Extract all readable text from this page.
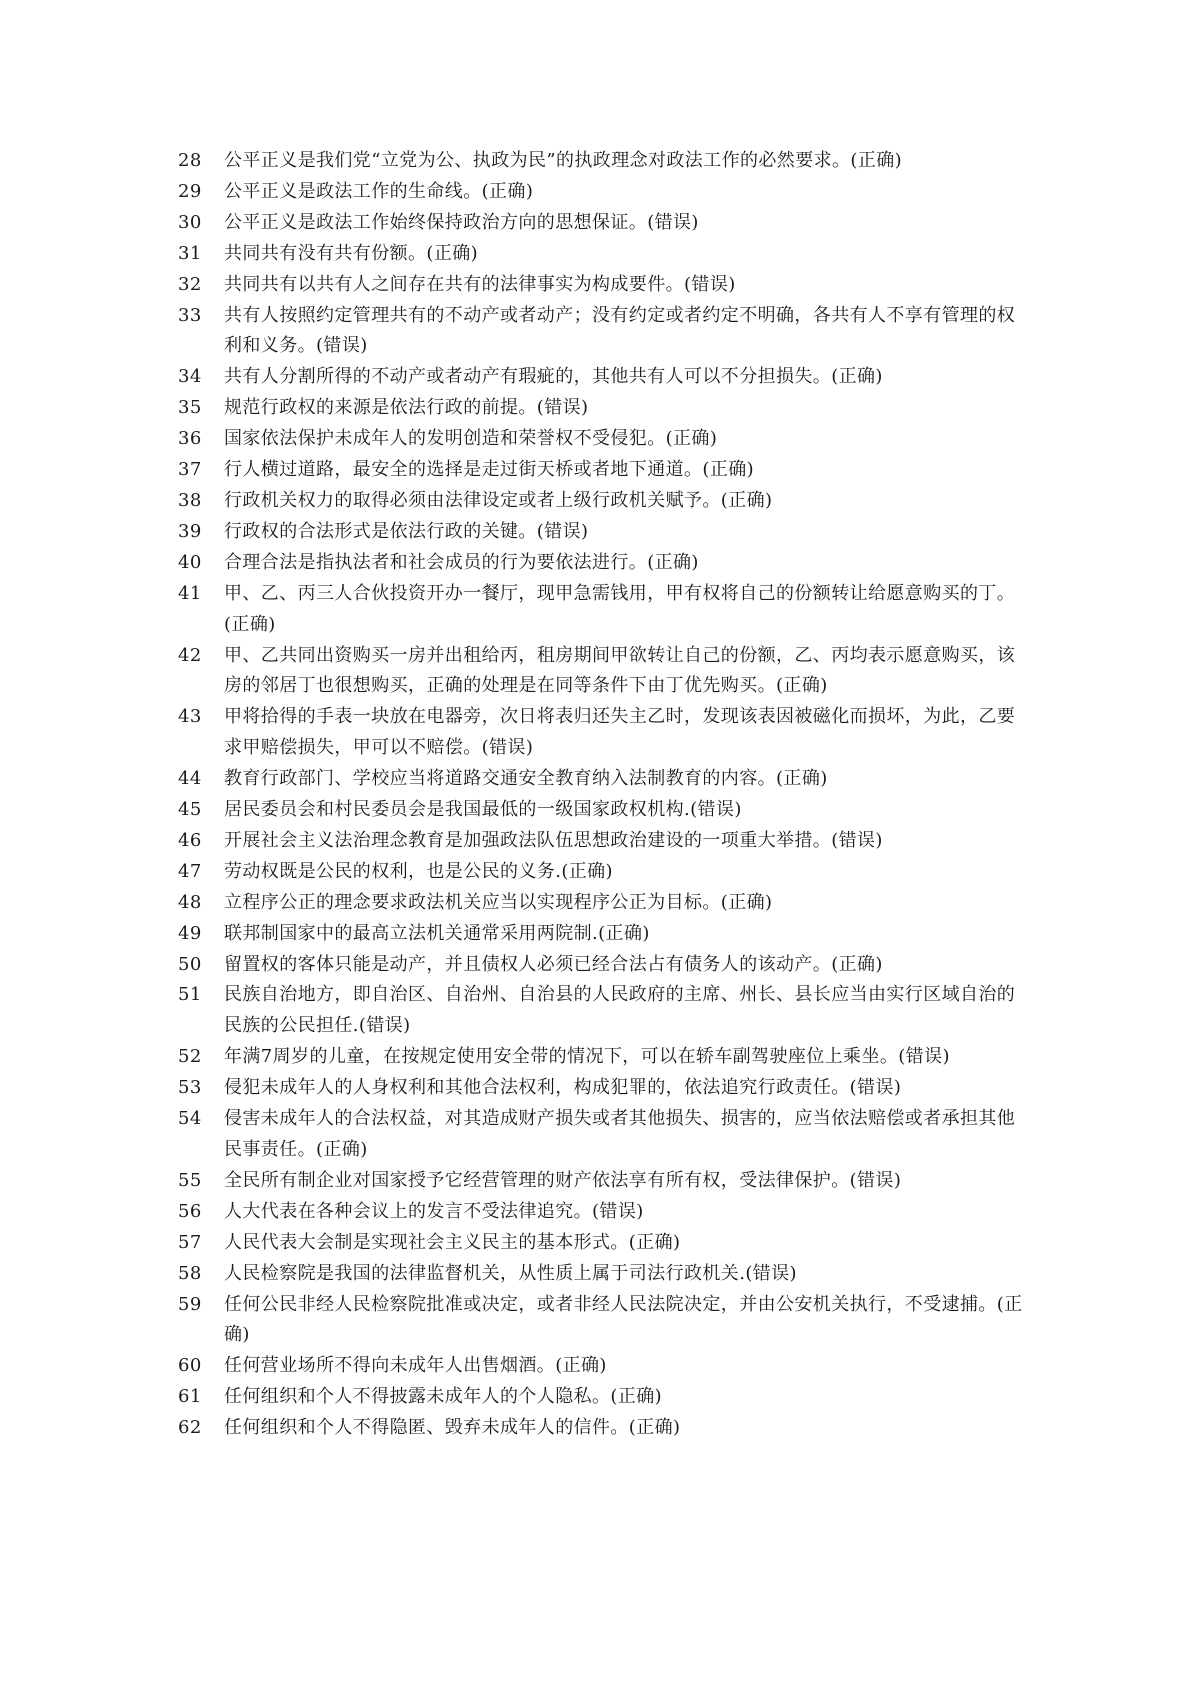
28	公平正义是我们党“立党为公、执政为民”的执政理念对政法工作的必然要求。(正确)
29	公平正义是政法工作的生命线。(正确)
30	公平正义是政法工作始终保持政治方向的思想保证。(错误)
31	共同共有没有共有份额。(正确)
32	共同共有以共有人之间存在共有的法律事实为构成要件。(错误)
33	共有人按照约定管理共有的不动产或者动产；没有约定或者约定不明确，各共有人不享有管理的权利和义务。(错误)
34	共有人分割所得的不动产或者动产有瑕疵的，其他共有人可以不分担损失。(正确)
35	规范行政权的来源是依法行政的前提。(错误)
36	国家依法保护未成年人的发明创造和荣誉权不受侵犯。(正确)
37	行人横过道路，最安全的选择是走过街天桥或者地下通道。(正确)
38	行政机关权力的取得必须由法律设定或者上级行政机关赋予。(正确)
39	行政权的合法形式是依法行政的关键。(错误)
40	合理合法是指执法者和社会成员的行为要依法进行。(正确)
41	甲、乙、丙三人合伙投资开办一餐厅，现甲急需钱用，甲有权将自己的份额转让给愿意购买的丁。(正确)
42	甲、乙共同出资购买一房并出租给丙，租房期间甲欲转让自己的份额，乙、丙均表示愿意购买，该房的邻居丁也很想购买，正确的处理是在同等条件下由丁优先购买。(正确)
43	甲将拾得的手表一块放在电器旁，次日将表归还失主乙时，发现该表因被磁化而损坏，为此，乙要求甲赔偿损失，甲可以不赔偿。(错误)
44	教育行政部门、学校应当将道路交通安全教育纳入法制教育的内容。(正确)
45	居民委员会和村民委员会是我国最低的一级国家政权机构.(错误)
46	开展社会主义法治理念教育是加强政法队伍思想政治建设的一项重大举措。(错误)
47	劳动权既是公民的权利，也是公民的义务.(正确)
48	立程序公正的理念要求政法机关应当以实现程序公正为目标。(正确)
49	联邦制国家中的最高立法机关通常采用两院制.(正确)
50	留置权的客体只能是动产，并且债权人必须已经合法占有债务人的该动产。(正确)
51	民族自治地方，即自治区、自治州、自治县的人民政府的主席、州长、县长应当由实行区域自治的民族的公民担任.(错误)
52	年满7周岁的儿童，在按规定使用安全带的情况下，可以在轿车副驾驶座位上乘坐。(错误)
53	侵犯未成年人的人身权利和其他合法权利，构成犯罪的，依法追究行政责任。(错误)
54	侵害未成年人的合法权益，对其造成财产损失或者其他损失、损害的，应当依法赔偿或者承担其他民事责任。(正确)
55	全民所有制企业对国家授予它经营管理的财产依法享有所有权，受法律保护。(错误)
56	人大代表在各种会议上的发言不受法律追究。(错误)
57	人民代表大会制是实现社会主义民主的基本形式。(正确)
58	人民检察院是我国的法律监督机关，从性质上属于司法行政机关.(错误)
59	任何公民非经人民检察院批准或决定，或者非经人民法院决定，并由公安机关执行，不受逮捕。(正确)
60	任何营业场所不得向未成年人出售烟酒。(正确)
61	任何组织和个人不得披露未成年人的个人隐私。(正确)
62	任何组织和个人不得隐匿、毁弃未成年人的信件。(正确)
